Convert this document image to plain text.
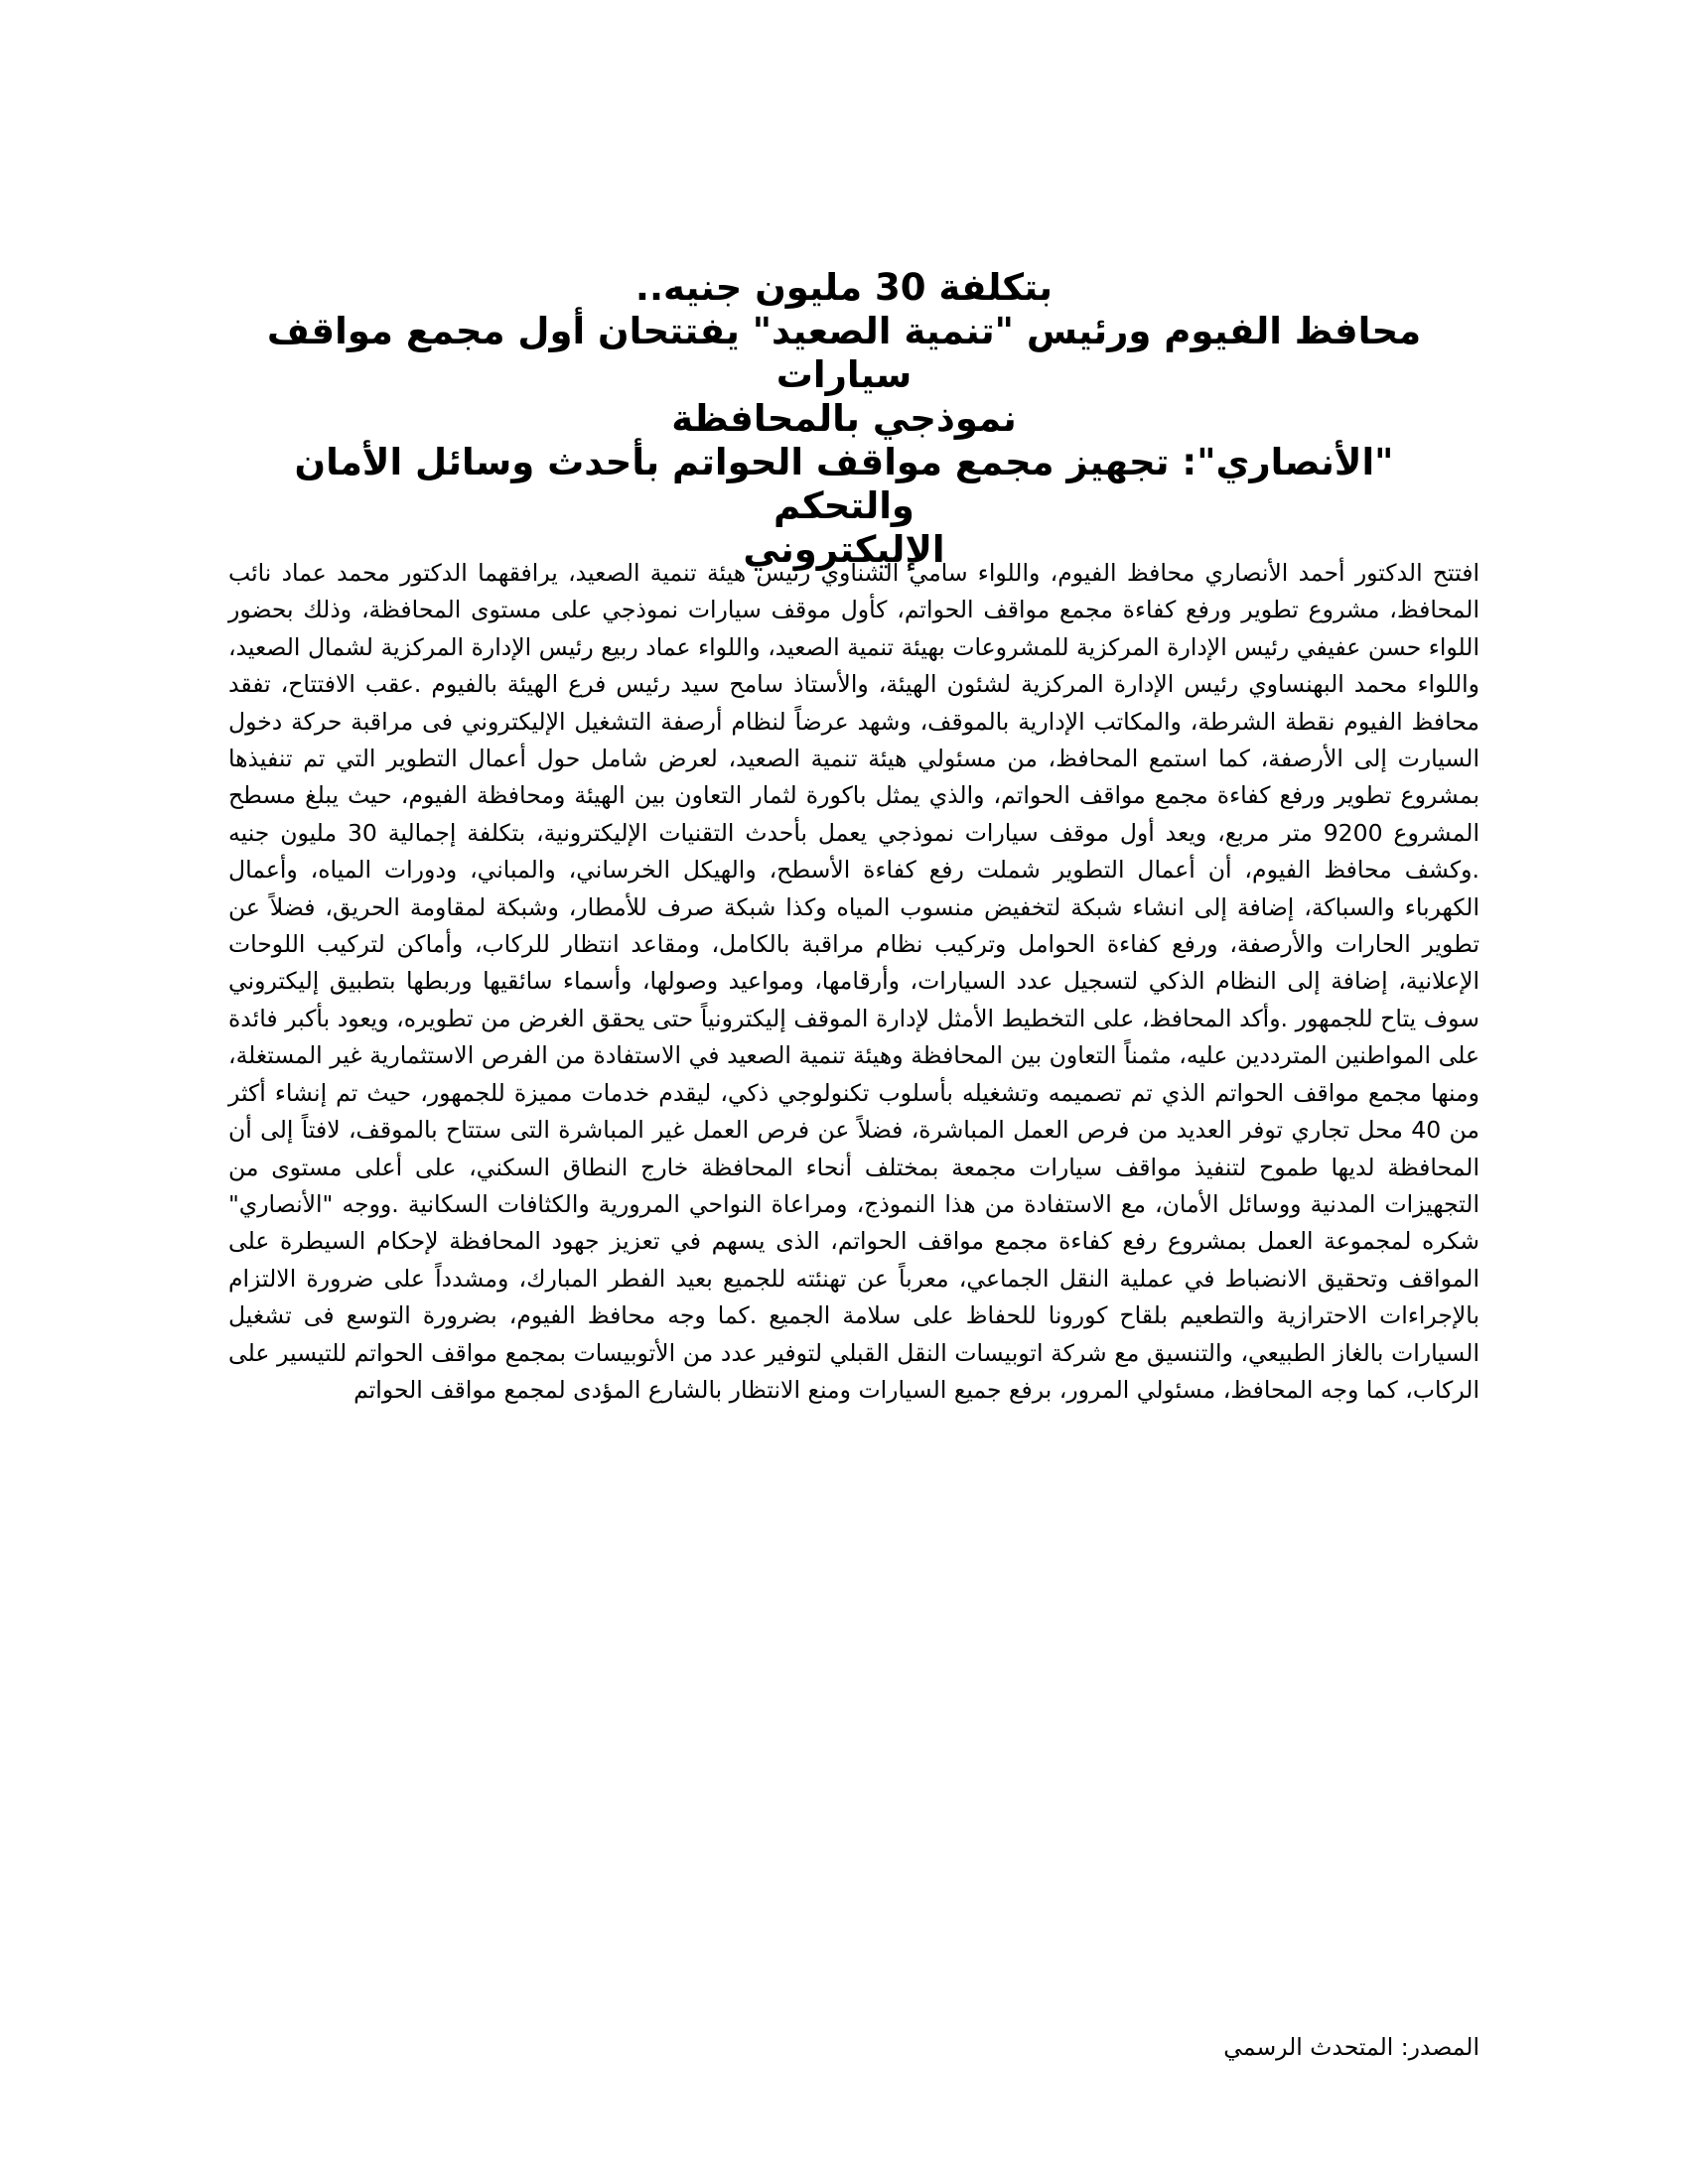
بتكلفة 30 مليون جنيه..
محافظ الفيوم ورئيس "تنمية الصعيد" يفتتحان أول مجمع مواقف سيارات
نموذجي بالمحافظة
"الأنصاري": تجهيز مجمع مواقف الحواتم بأحدث وسائل الأمان والتحكم
الإليكتروني
افتتح الدكتور أحمد الأنصاري محافظ الفيوم، واللواء سامي الشناوي رئيس هيئة تنمية الصعيد، يرافقهما الدكتور محمد عماد نائب المحافظ، مشروع تطوير ورفع كفاءة مجمع مواقف الحواتم، كأول موقف سيارات نموذجي على مستوى المحافظة، وذلك بحضور اللواء حسن عفيفي رئيس الإدارة المركزية للمشروعات بهيئة تنمية الصعيد، واللواء عماد ربيع رئيس الإدارة المركزية لشمال الصعيد، واللواء محمد البهنساوي رئيس الإدارة المركزية لشئون الهيئة، والأستاذ سامح سيد رئيس فرع الهيئة بالفيوم .عقب الافتتاح، تفقد محافظ الفيوم نقطة الشرطة، والمكاتب الإدارية بالموقف، وشهد عرضاً لنظام أرصفة التشغيل الإليكتروني فى مراقبة حركة دخول السيارت إلى الأرصفة، كما استمع المحافظ، من مسئولي هيئة تنمية الصعيد، لعرض شامل حول أعمال التطوير التي تم تنفيذها بمشروع تطوير ورفع كفاءة مجمع مواقف الحواتم، والذي يمثل باكورة لثمار التعاون بين الهيئة ومحافظة الفيوم، حيث يبلغ مسطح المشروع 9200 متر مربع، ويعد أول موقف سيارات نموذجي يعمل بأحدث التقنيات الإليكترونية، بتكلفة إجمالية 30 مليون جنيه .وكشف محافظ الفيوم، أن أعمال التطوير شملت رفع كفاءة الأسطح، والهيكل الخرساني، والمباني، ودورات المياه، وأعمال الكهرباء والسباكة، إضافة إلى انشاء شبكة لتخفيض منسوب المياه وكذا شبكة صرف للأمطار، وشبكة لمقاومة الحريق، فضلاً عن تطوير الحارات والأرصفة، ورفع كفاءة الحوامل وتركيب نظام مراقبة بالكامل، ومقاعد انتظار للركاب، وأماكن لتركيب اللوحات الإعلانية، إضافة إلى النظام الذكي لتسجيل عدد السيارات، وأرقامها، ومواعيد وصولها، وأسماء سائقيها وربطها بتطبيق إليكتروني سوف يتاح للجمهور .وأكد المحافظ، على التخطيط الأمثل لإدارة الموقف إليكترونياً حتى يحقق الغرض من تطويره، ويعود بأكبر فائدة على المواطنين المترددين عليه، مثمناً التعاون بين المحافظة وهيئة تنمية الصعيد في الاستفادة من الفرص الاستثمارية غير المستغلة، ومنها مجمع مواقف الحواتم الذي تم تصميمه وتشغيله بأسلوب تكنولوجي ذكي، ليقدم خدمات مميزة للجمهور، حيث تم إنشاء أكثر من 40 محل تجاري توفر العديد من فرص العمل المباشرة، فضلاً عن فرص العمل غير المباشرة التى ستتاح بالموقف، لافتاً إلى أن المحافظة لديها طموح لتنفيذ مواقف سيارات مجمعة بمختلف أنحاء المحافظة خارج النطاق السكني، على أعلى مستوى من التجهيزات المدنية ووسائل الأمان، مع الاستفادة من هذا النموذج، ومراعاة النواحي المرورية والكثافات السكانية .ووجه "الأنصاري" شكره لمجموعة العمل بمشروع رفع كفاءة مجمع مواقف الحواتم، الذى يسهم في تعزيز جهود المحافظة لإحكام السيطرة على المواقف وتحقيق الانضباط في عملية النقل الجماعي، معرباً عن تهنئته للجميع بعيد الفطر المبارك، ومشدداً على ضرورة الالتزام بالإجراءات الاحترازية والتطعيم بلقاح كورونا للحفاظ على سلامة الجميع .كما وجه محافظ الفيوم، بضرورة التوسع فى تشغيل السيارات بالغاز الطبيعي، والتنسيق مع شركة اتوبيسات النقل القبلي لتوفير عدد من الأتوبيسات بمجمع مواقف الحواتم للتيسير على الركاب، كما وجه المحافظ، مسئولي المرور، برفع جميع السيارات ومنع الانتظار بالشارع المؤدى لمجمع مواقف الحواتم
المصدر: المتحدث الرسمي
